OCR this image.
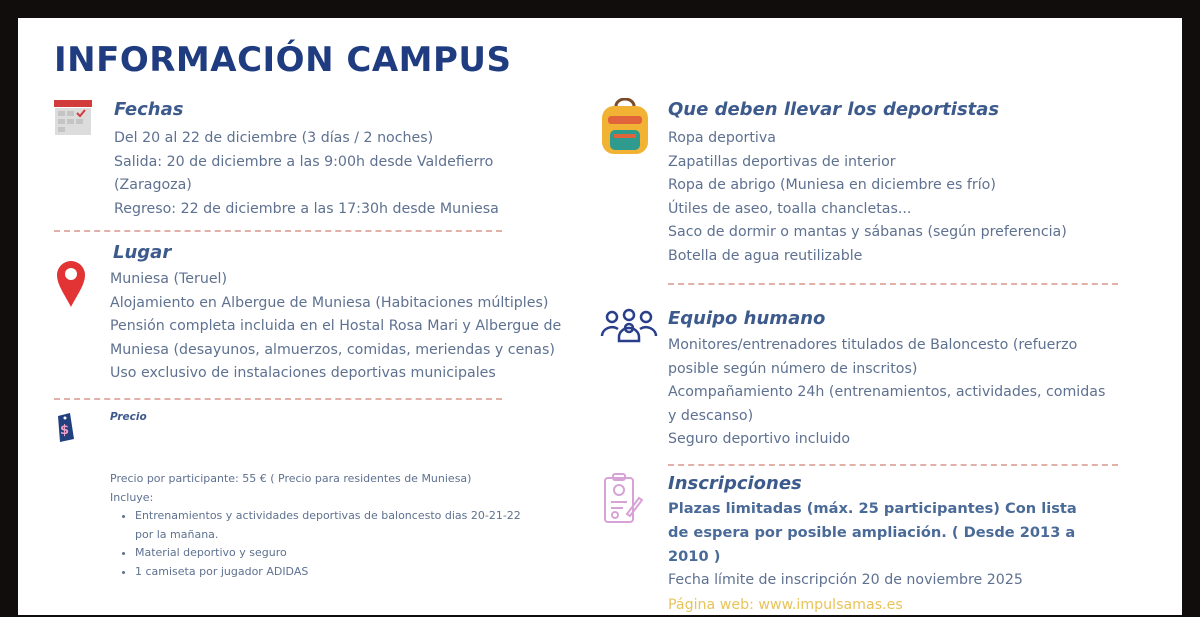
INFORMACIÓN CAMPUS
Fechas
Del 20 al 22 de diciembre (3 días / 2 noches)
Salida: 20 de diciembre a las 9:00h desde Valdefierro
(Zaragoza)
Regreso: 22 de diciembre a las 17:30h desde Muniesa
Lugar
Muniesa (Teruel)
Alojamiento en Albergue de Muniesa (Habitaciones múltiples)
Pensión completa incluida en el Hostal Rosa Mari y Albergue de
Muniesa (desayunos, almuerzos, comidas, meriendas y cenas)
Uso exclusivo de instalaciones deportivas municipales
$
Precio
Precio por participante: 55 € ( Precio para residentes de Muniesa)
Incluye:
• Entrenamientos y actividades deportivas de baloncesto dias 20-21-22 por la mañana.
• Material deportivo y seguro
• 1 camiseta por jugador ADIDAS
Que deben llevar los deportistas
Ropa deportiva
Zapatillas deportivas de interior
Ropa de abrigo (Muniesa en diciembre es frío)
Útiles de aseo, toalla chancletas...
Saco de dormir o mantas y sábanas (según preferencia)
Botella de agua reutilizable
Equipo humano
Monitores/entrenadores titulados de Baloncesto (refuerzo
posible según número de inscritos)
Acompañamiento 24h (entrenamientos, actividades, comidas
y descanso)
Seguro deportivo incluido
Inscripciones
Plazas limitadas (máx. 25 participantes) Con lista
de espera por posible ampliación. ( Desde 2013 a
2010 )
Fecha límite de inscripción 20 de noviembre 2025
Página web: www.impulsamas.es
